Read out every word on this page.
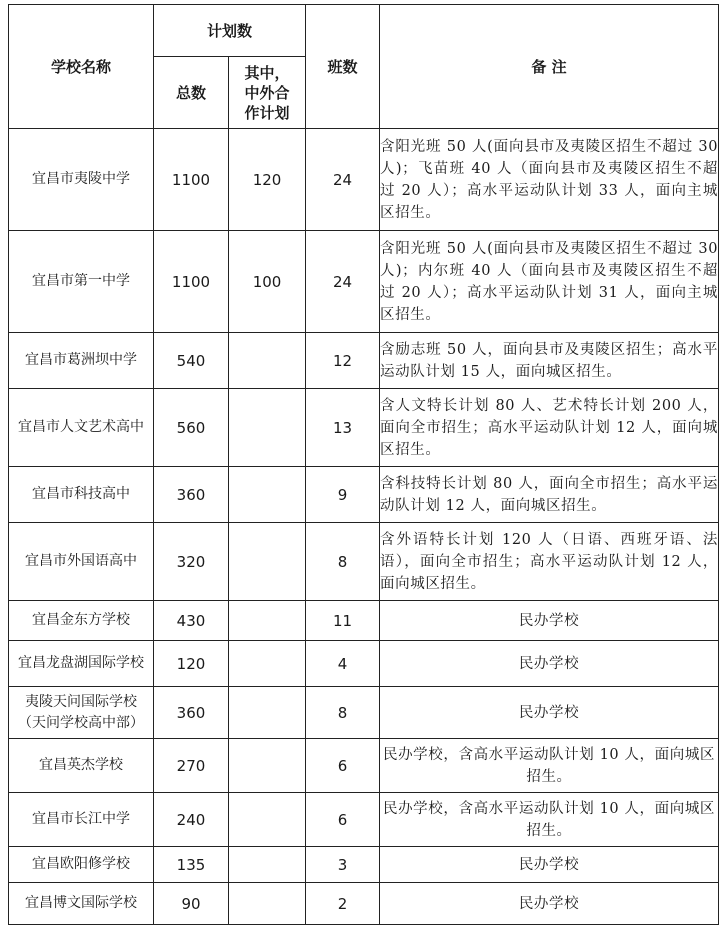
学校名称	计划数		班数	备 注
	总数	其中，中外合作计划		

宜昌市夷陵中学	1100	120	24	含阳光班 50 人(面向县市及夷陵区招生不超过 30 人)；飞苗班 40 人（面向县市及夷陵区招生不超过 20 人）；高水平运动队计划 33 人，面向主城区招生。
宜昌市第一中学	1100	100	24	含阳光班 50 人(面向县市及夷陵区招生不超过 30 人)；内尔班 40 人（面向县市及夷陵区招生不超过 20 人）；高水平运动队计划 31 人，面向主城区招生。
宜昌市葛洲坝中学	540		12	含励志班 50 人，面向县市及夷陵区招生；高水平运动队计划 15 人，面向城区招生。
宜昌市人文艺术高中	560		13	含人文特长计划 80 人、艺术特长计划 200 人，面向全市招生；高水平运动队计划 12 人，面向城区招生。
宜昌市科技高中	360		9	含科技特长计划 80 人，面向全市招生；高水平运动队计划 12 人，面向城区招生。
宜昌市外国语高中	320		8	含外语特长计划 120 人（日语、西班牙语、法语），面向全市招生；高水平运动队计划 12 人，面向城区招生。
宜昌金东方学校	430		11	民办学校
宜昌龙盘湖国际学校	120		4	民办学校

夷陵天问国际学校
（天问学校高中部）	360		8	民办学校
宜昌英杰学校	270		6	民办学校，含高水平运动队计划 10 人，面向城区招生。
宜昌市长江中学	240		6	民办学校，含高水平运动队计划 10 人，面向城区招生。
宜昌欧阳修学校	135		3	民办学校
宜昌博文国际学校	90		2	民办学校
